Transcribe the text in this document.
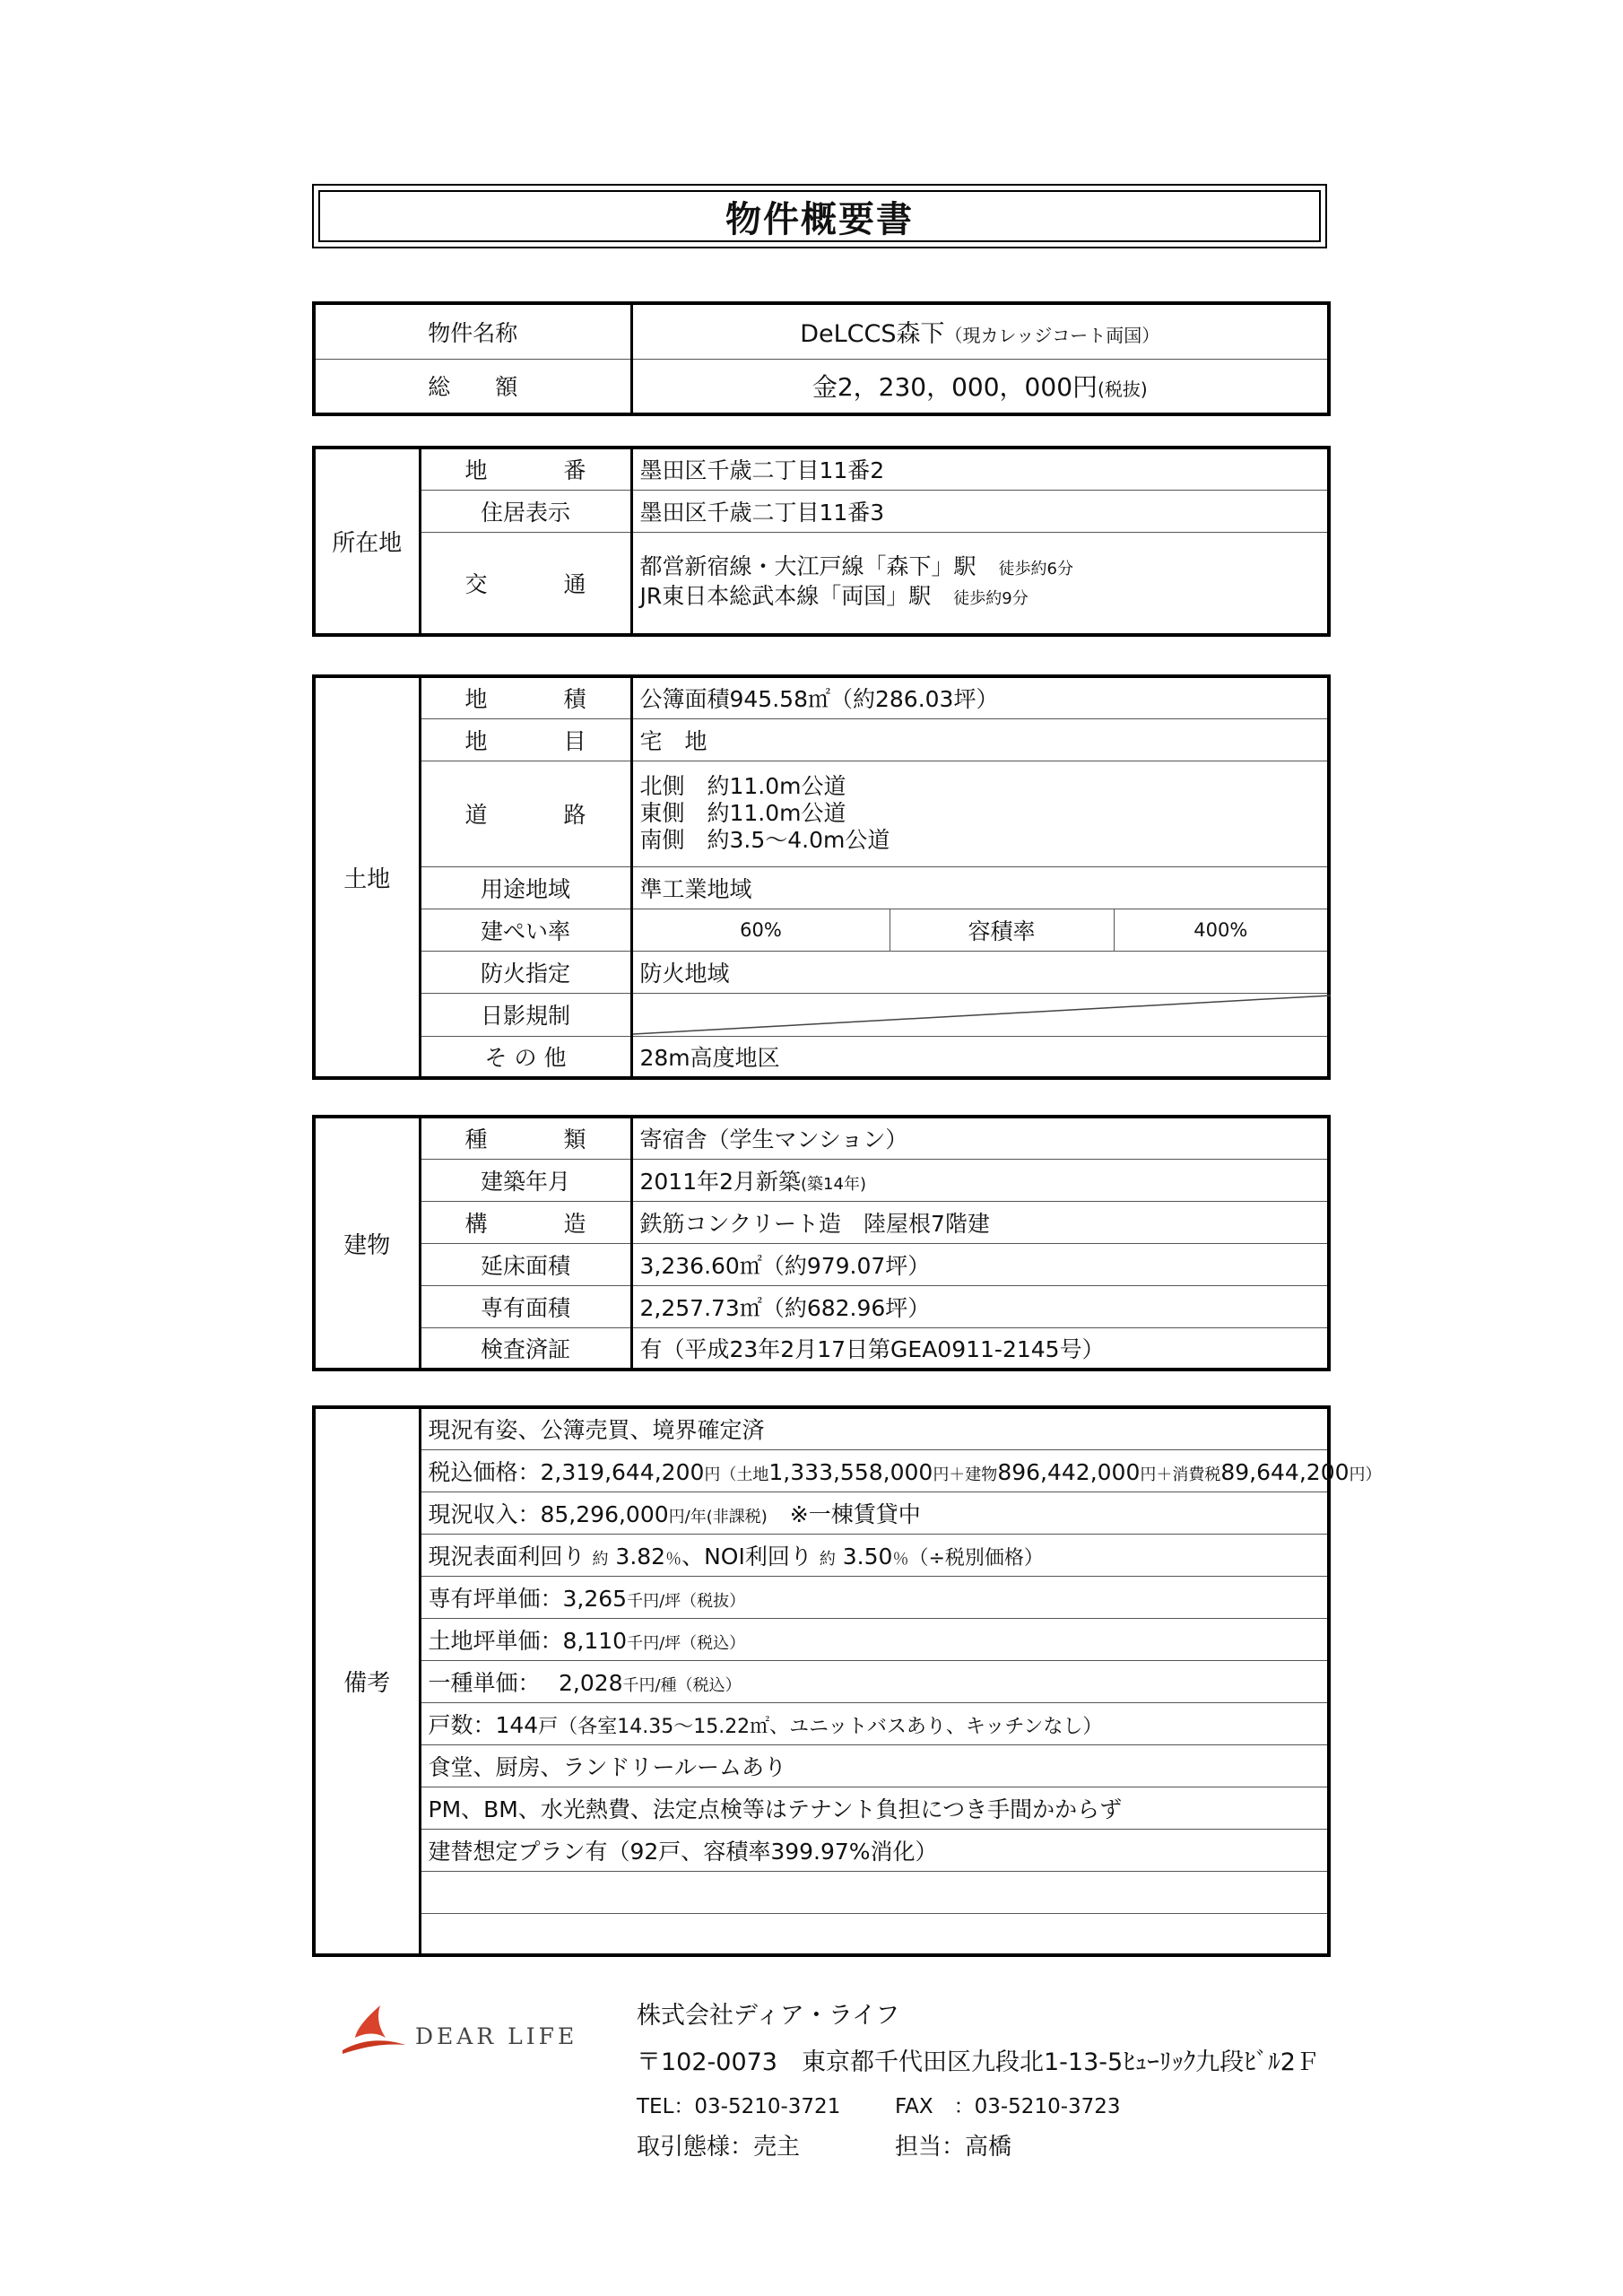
物件概要書
物件名称	DeLCCS森下（現カレッジコート両国）
総　　額	金2，230，000，000円(税抜)
所在地	地　番	墨田区千歳二丁目11番2
	住居表示	墨田区千歳二丁目11番3
	交　通	都営新宿線・大江戸線「森下」駅　 徒歩約6分
JR東日本総武本線「両国」駅　 徒歩約9分
土地	地　積	公簿面積945.58㎡（約286.03坪）		
	地　目	宅　地		
	道　路	北側　約11.0m公道
東側　約11.0m公道
南側　約3.5〜4.0m公道		

	用途地域	準工業地域		
	建ぺい率	60%	容積率	400%
	防火指定	防火地域		
	日影規制	

	そ の 他	28m高度地区		
建物	種　類	寄宿舎（学生マンション）
	建築年月	2011年2月新築(築14年)
	構　造	鉄筋コンクリート造　陸屋根7階建
	延床面積	3,236.60㎡（約979.07坪）
	専有面積	2,257.73㎡（約682.96坪）
	検査済証	有（平成23年2月17日第GEA0911-2145号）
備考	現況有姿、公簿売買、境界確定済
税込価格：2,319,644,200円（土地1,333,558,000円＋建物896,442,000円＋消費税89,644,200円）
現況収入：85,296,000円/年(非課税)　 ※一棟賃貸中
現況表面利回り 約 3.82％、NOI利回り 約 3.50％（÷税別価格）
専有坪単価：3,265千円/坪（税抜）
土地坪単価：8,110千円/坪（税込）
一種単価：　 2,028千円/種（税込）
戸数：144戸（各室14.35〜15.22㎡、ユニットバスあり、キッチンなし）
食堂、厨房、ランドリールームあり
PM、BM、水光熱費、法定点検等はテナント負担につき手間かからず
建替想定プラン有（92戸、容積率399.97%消化）

DEAR LIFE
株式会社ディア・ライフ
〒102-0073　東京都千代田区九段北1-13-5ﾋｭｰﾘｯｸ九段ﾋﾞﾙ2Ｆ
TEL：03-5210-3721	FAX　：03-5210-3723
取引態様：売主	担当：高橋
